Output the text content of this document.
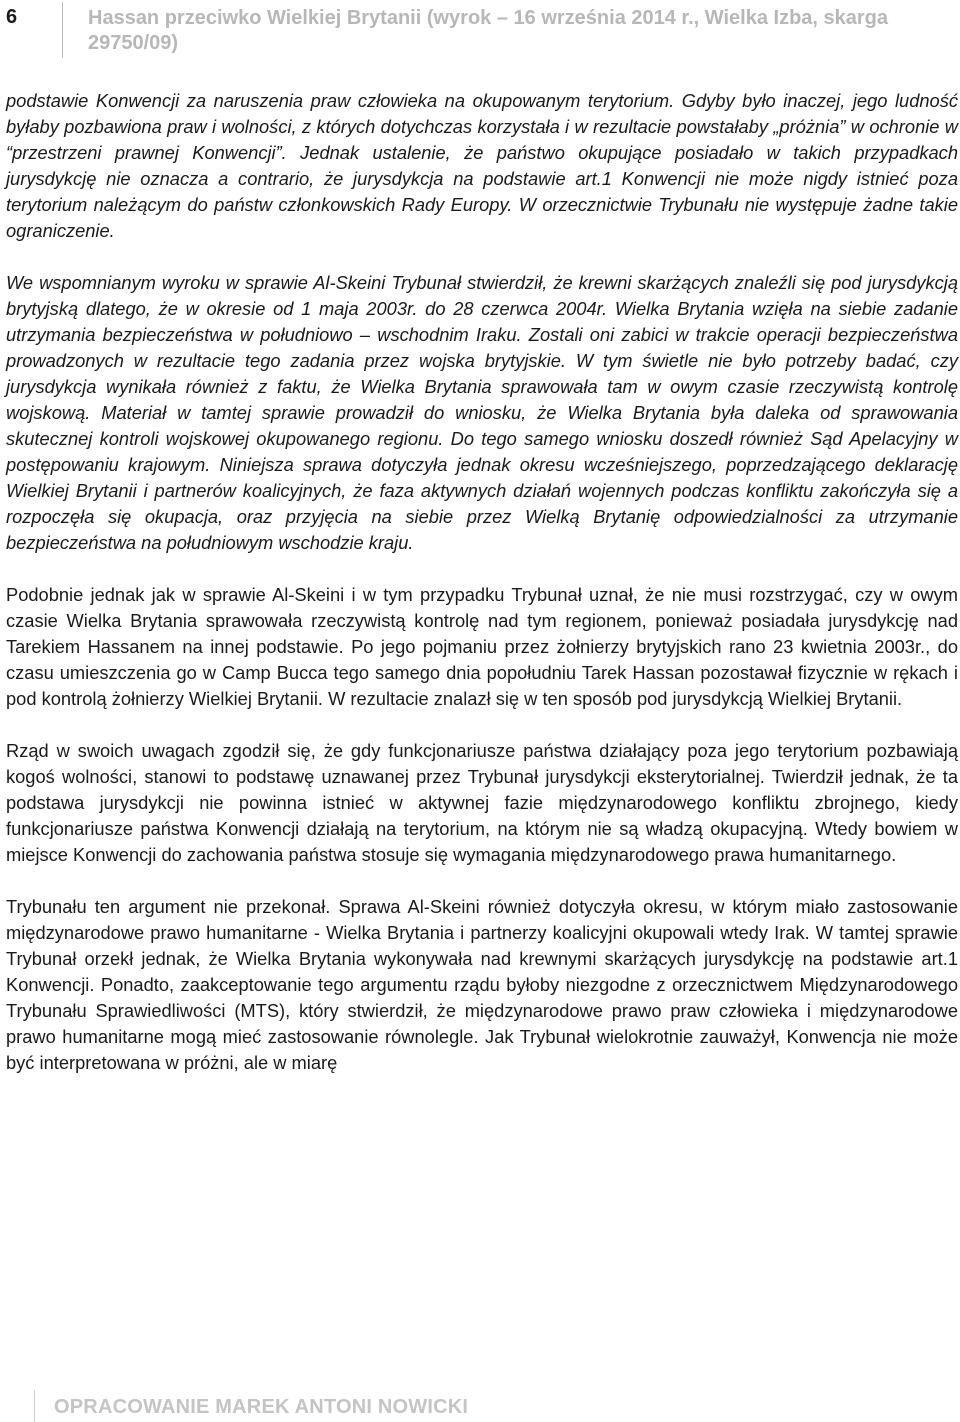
6	Hassan przeciwko Wielkiej Brytanii (wyrok – 16 września 2014 r., Wielka Izba, skarga 29750/09)

podstawie Konwencji za naruszenia praw człowieka na okupowanym terytorium. Gdyby było inaczej, jego ludność byłaby pozbawiona praw i wolności, z których dotychczas korzystała i w rezultacie powstałaby „próżnia” w ochronie w “przestrzeni prawnej Konwencji”. Jednak ustalenie, że państwo okupujące posiadało w takich przypadkach jurysdykcję nie oznacza a contrario, że jurysdykcja na podstawie art.1 Konwencji nie może nigdy istnieć poza terytorium należącym do państw członkowskich Rady Europy. W orzecznictwie Trybunału nie występuje żadne takie ograniczenie.

We wspomnianym wyroku w sprawie Al-Skeini Trybunał stwierdził, że krewni skarżących znaleźli się pod jurysdykcją brytyjską dlatego, że w okresie od 1 maja 2003r. do 28 czerwca 2004r. Wielka Brytania wzięła na siebie zadanie utrzymania bezpieczeństwa w południowo – wschodnim Iraku. Zostali oni zabici w trakcie operacji bezpieczeństwa prowadzonych w rezultacie tego zadania przez wojska brytyjskie. W tym świetle nie było potrzeby badać, czy jurysdykcja wynikała również z faktu, że Wielka Brytania sprawowała tam w owym czasie rzeczywistą kontrolę wojskową. Materiał w tamtej sprawie prowadził do wniosku, że Wielka Brytania była daleka od sprawowania skutecznej kontroli wojskowej okupowanego regionu. Do tego samego wniosku doszedł również Sąd Apelacyjny w postępowaniu krajowym. Niniejsza sprawa dotyczyła jednak okresu wcześniejszego, poprzedzającego deklarację Wielkiej Brytanii i partnerów koalicyjnych, że faza aktywnych działań wojennych podczas konfliktu zakończyła się a rozpoczęła się okupacja, oraz przyjęcia na siebie przez Wielką Brytanię odpowiedzialności za utrzymanie bezpieczeństwa na południowym wschodzie kraju.

Podobnie jednak jak w sprawie Al-Skeini i w tym przypadku Trybunał uznał, że nie musi rozstrzygać, czy w owym czasie Wielka Brytania sprawowała rzeczywistą kontrolę nad tym regionem, ponieważ posiadała jurysdykcję nad Tarekiem Hassanem na innej podstawie. Po jego pojmaniu przez żołnierzy brytyjskich rano 23 kwietnia 2003r., do czasu umieszczenia go w Camp Bucca tego samego dnia popołudniu Tarek Hassan pozostawał fizycznie w rękach i pod kontrolą żołnierzy Wielkiej Brytanii. W rezultacie znalazł się w ten sposób pod jurysdykcją Wielkiej Brytanii.

Rząd w swoich uwagach zgodził się, że gdy funkcjonariusze państwa działający poza jego terytorium pozbawiają kogoś wolności, stanowi to podstawę uznawanej przez Trybunał jurysdykcji eksterytorialnej. Twierdził jednak, że ta podstawa jurysdykcji nie powinna istnieć w aktywnej fazie międzynarodowego konfliktu zbrojnego, kiedy funkcjonariusze państwa Konwencji działają na terytorium, na którym nie są władzą okupacyjną. Wtedy bowiem w miejsce Konwencji do zachowania państwa stosuje się wymagania międzynarodowego prawa humanitarnego.

Trybunału ten argument nie przekonał. Sprawa Al-Skeini również dotyczyła okresu, w którym miało zastosowanie międzynarodowe prawo humanitarne - Wielka Brytania i partnerzy koalicyjni okupowali wtedy Irak. W tamtej sprawie Trybunał orzekł jednak, że Wielka Brytania wykonywała nad krewnymi skarżących jurysdykcję na podstawie art.1 Konwencji. Ponadto, zaakceptowanie tego argumentu rządu byłoby niezgodne z orzecznictwem Międzynarodowego Trybunału Sprawiedliwości (MTS), który stwierdził, że międzynarodowe prawo praw człowieka i międzynarodowe prawo humanitarne mogą mieć zastosowanie równolegle. Jak Trybunał wielokrotnie zauważył, Konwencja nie może być interpretowana w próżni, ale w miarę

OPRACOWANIE MAREK ANTONI NOWICKI
